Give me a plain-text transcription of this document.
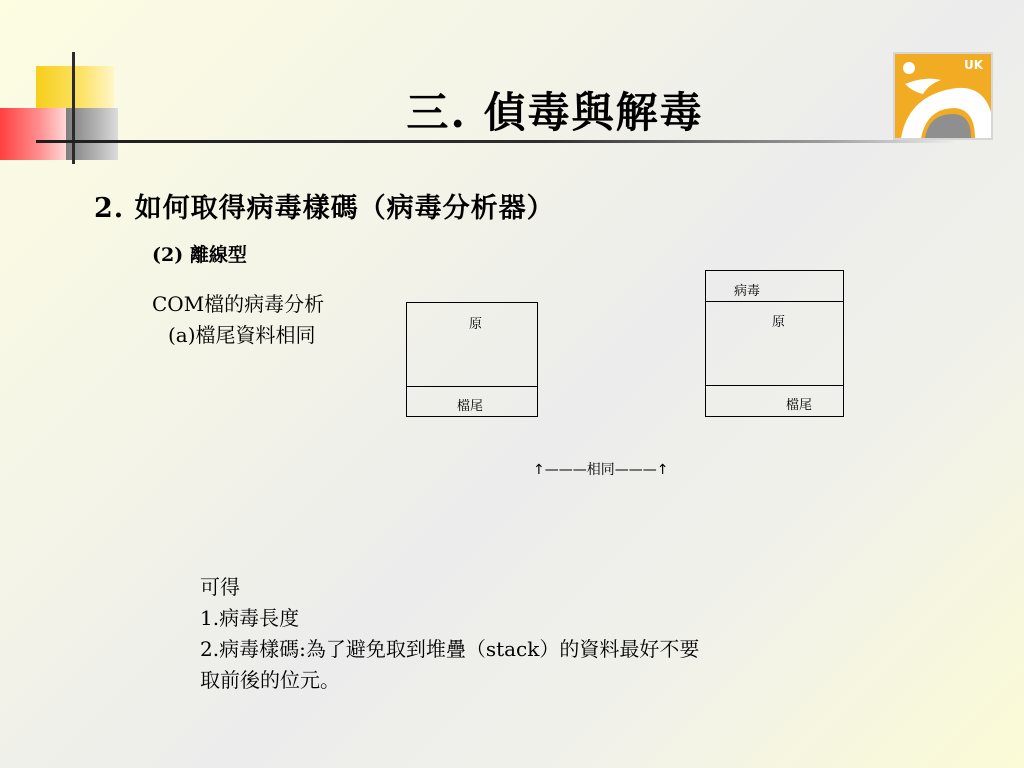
UK
三. 偵毒與解毒
2. 如何取得病毒樣碼（病毒分析器）
(2) 離線型
COM檔的病毒分析
(a)檔尾資料相同	原
檔尾
病毒
原
檔尾
↑———相同———↑
可得
1.病毒長度
2.病毒樣碼:為了避免取到堆疊（stack）的資料最好不要
取前後的位元。
